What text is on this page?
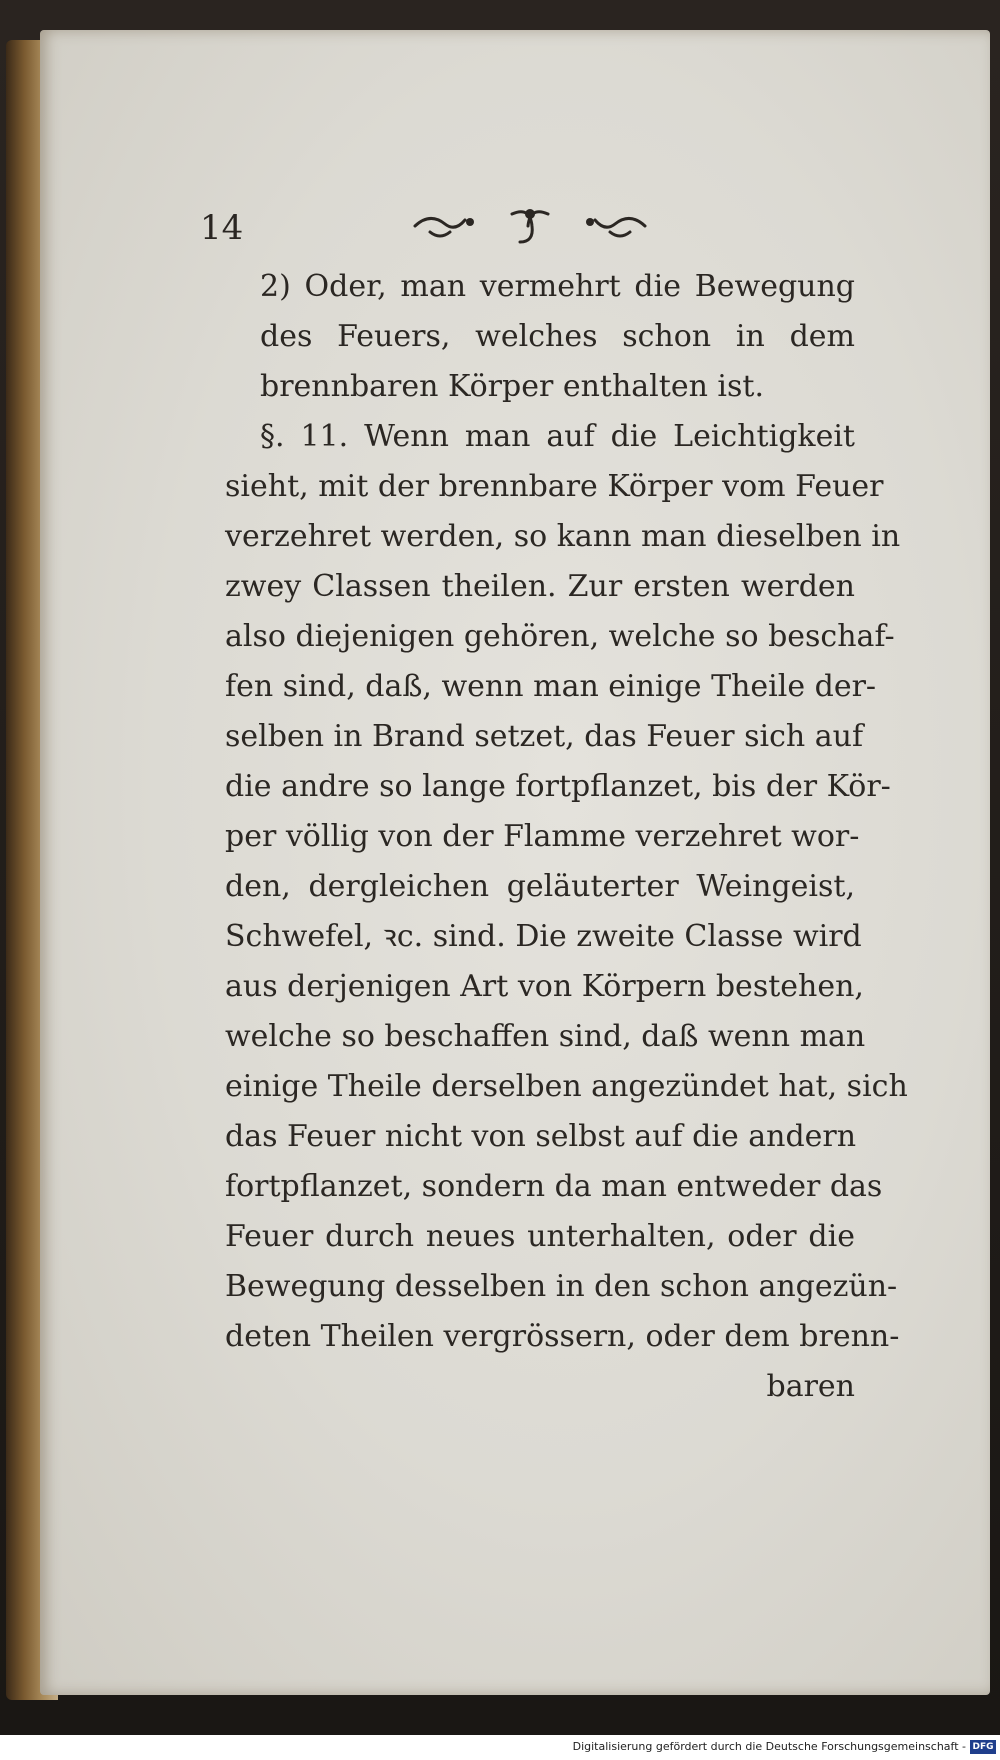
14
2) Oder, man vermehrt die Bewegung
des Feuers, welches schon in dem
brennbaren Körper enthalten ist.
§. 11. Wenn man auf die Leichtigkeit
sieht, mit der brennbare Körper vom Feuer
verzehret werden, so kann man dieselben in
zwey Classen theilen. Zur ersten werden
also diejenigen gehören, welche so beschaf-
fen sind, daß, wenn man einige Theile der-
selben in Brand setzet, das Feuer sich auf
die andre so lange fortpflanzet, bis der Kör-
per völlig von der Flamme verzehret wor-
den, dergleichen geläuterter Weingeist,
Schwefel, ꝛc. sind. Die zweite Classe wird
aus derjenigen Art von Körpern bestehen,
welche so beschaffen sind, daß wenn man
einige Theile derselben angezündet hat, sich
das Feuer nicht von selbst auf die andern
fortpflanzet, sondern da man entweder das
Feuer durch neues unterhalten, oder die
Bewegung desselben in den schon angezün-
deten Theilen vergrössern, oder dem brenn-
baren
Digitalisierung gefördert durch die Deutsche Forschungsgemeinschaft - DFG
